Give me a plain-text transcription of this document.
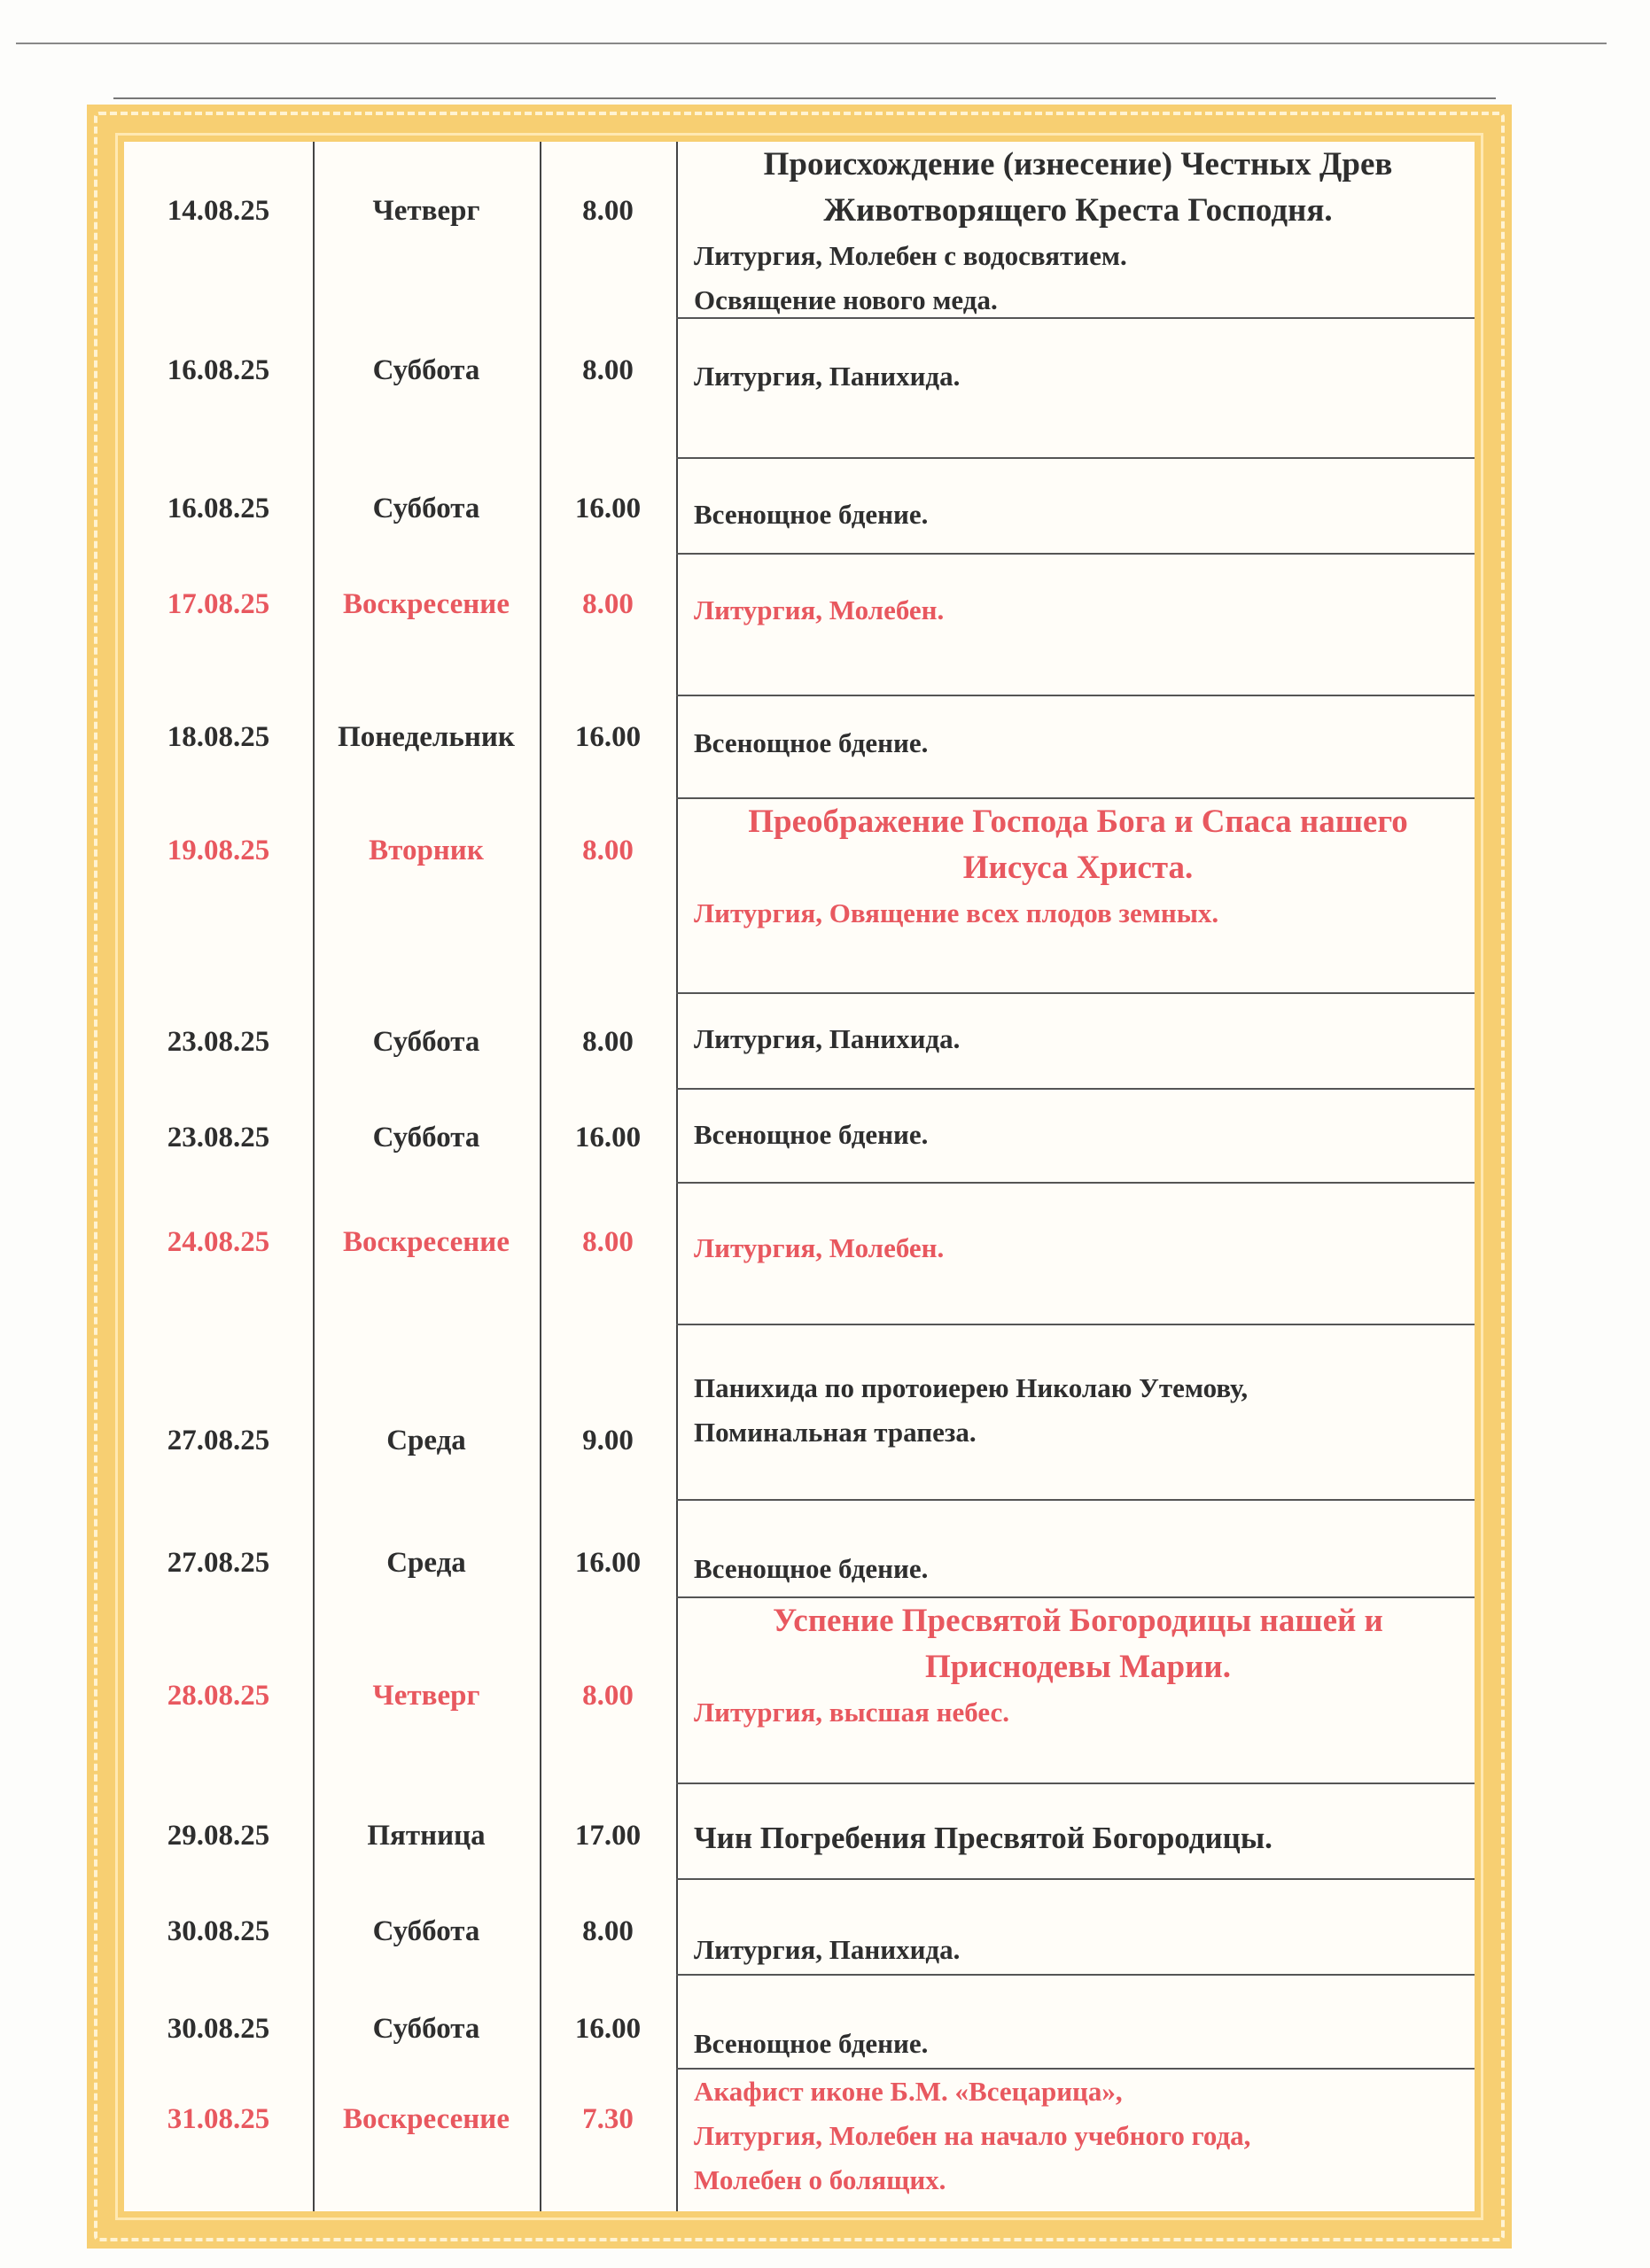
14.08.25	Четверг	8.00
Происхождение (изнесение) Честных Древ
Животворящего Креста Господня.
Литургия, Молебен с водосвятием.
Освящение нового меда.
16.08.25	Суббота	8.00	Литургия, Панихида.
16.08.25	Суббота	16.00	Всенощное бдение.
17.08.25	Воскресение	8.00	Литургия, Молебен.
18.08.25	Понедельник	16.00	Всенощное бдение.
19.08.25	Вторник	8.00
Преображение Господа Бога и Спаса нашего
Иисуса Христа.
Литургия, Овящение всех плодов земных.
23.08.25	Суббота	8.00	Литургия, Панихида.
23.08.25	Суббота	16.00	Всенощное бдение.
24.08.25	Воскресение	8.00	Литургия, Молебен.
27.08.25	Среда	9.00
Панихида по протоиерею Николаю Утемову,
Поминальная трапеза.
27.08.25	Среда	16.00	Всенощное бдение.
28.08.25	Четверг	8.00
Успение Пресвятой Богородицы нашей и
Приснодевы Марии.
Литургия, высшая небес.
29.08.25	Пятница	17.00	Чин Погребения Пресвятой Богородицы.
30.08.25	Суббота	8.00
Литургия, Панихида.
30.08.25	Суббота	16.00	Всенощное бдение.
31.08.25	Воскресение	7.30
Акафист иконе Б.М. «Всецарица»,
Литургия, Молебен на начало учебного года,
Молебен о болящих.
